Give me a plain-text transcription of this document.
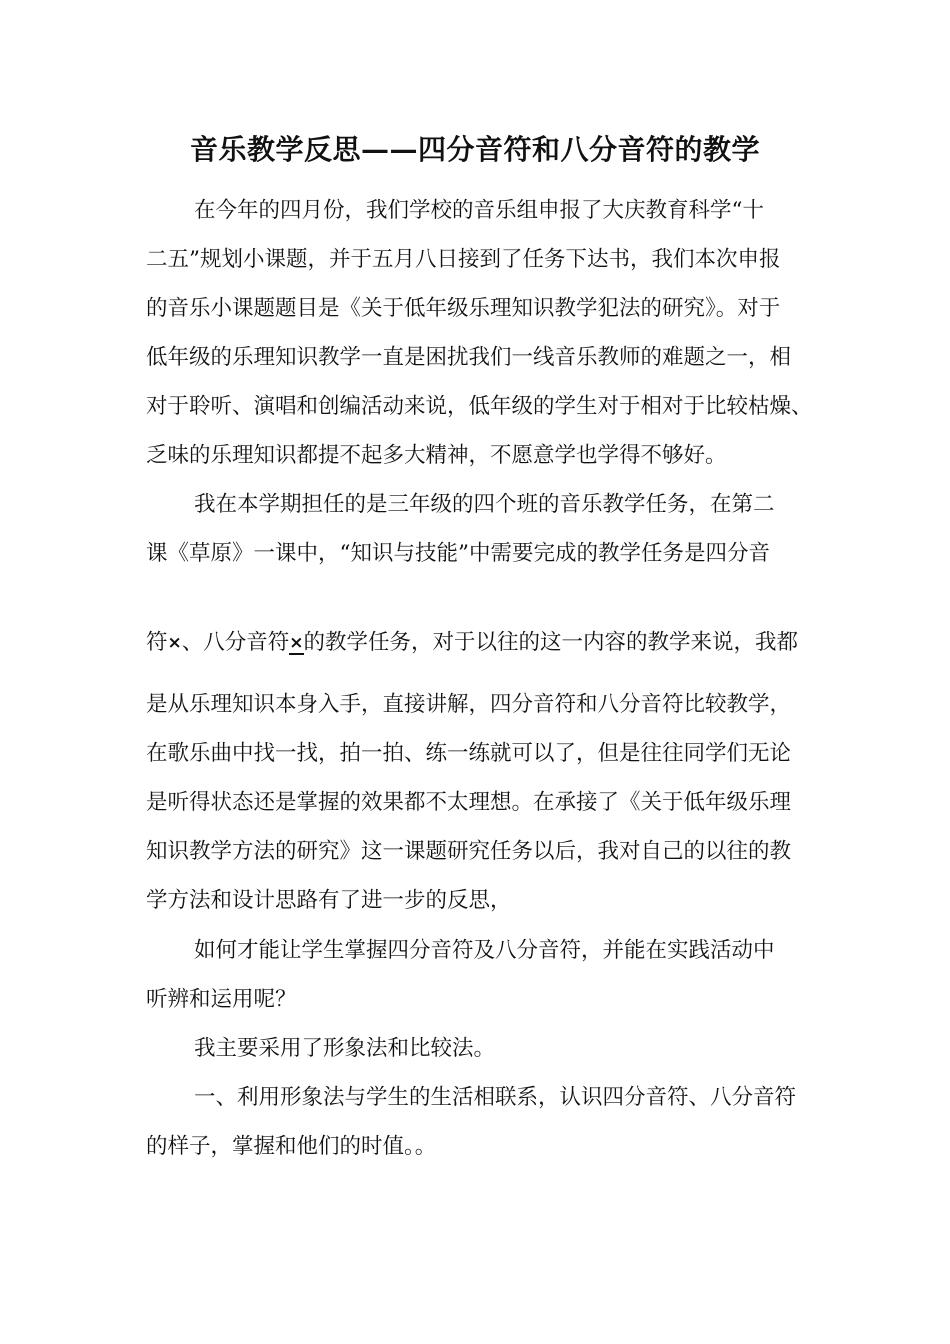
音乐教学反思——四分音符和八分音符的教学
在今年的四月份，我们学校的音乐组申报了大庆教育科学“十
二五”规划小课题，并于五月八日接到了任务下达书，我们本次申报
的音乐小课题题目是《关于低年级乐理知识教学犯法的研究》。对于
低年级的乐理知识教学一直是困扰我们一线音乐教师的难题之一，相
对于聆听、演唱和创编活动来说，低年级的学生对于相对于比较枯燥、
乏味的乐理知识都提不起多大精神，不愿意学也学得不够好。
我在本学期担任的是三年级的四个班的音乐教学任务，在第二
课《草原》一课中，“知识与技能”中需要完成的教学任务是四分音
符×、八分音符×的教学任务，对于以往的这一内容的教学来说，我都
是从乐理知识本身入手，直接讲解，四分音符和八分音符比较教学，
在歌乐曲中找一找，拍一拍、练一练就可以了，但是往往同学们无论
是听得状态还是掌握的效果都不太理想。在承接了《关于低年级乐理
知识教学方法的研究》这一课题研究任务以后，我对自己的以往的教
学方法和设计思路有了进一步的反思，
如何才能让学生掌握四分音符及八分音符，并能在实践活动中
听辨和运用呢？
我主要采用了形象法和比较法。
一、利用形象法与学生的生活相联系，认识四分音符、八分音符
的样子，掌握和他们的时值。。
